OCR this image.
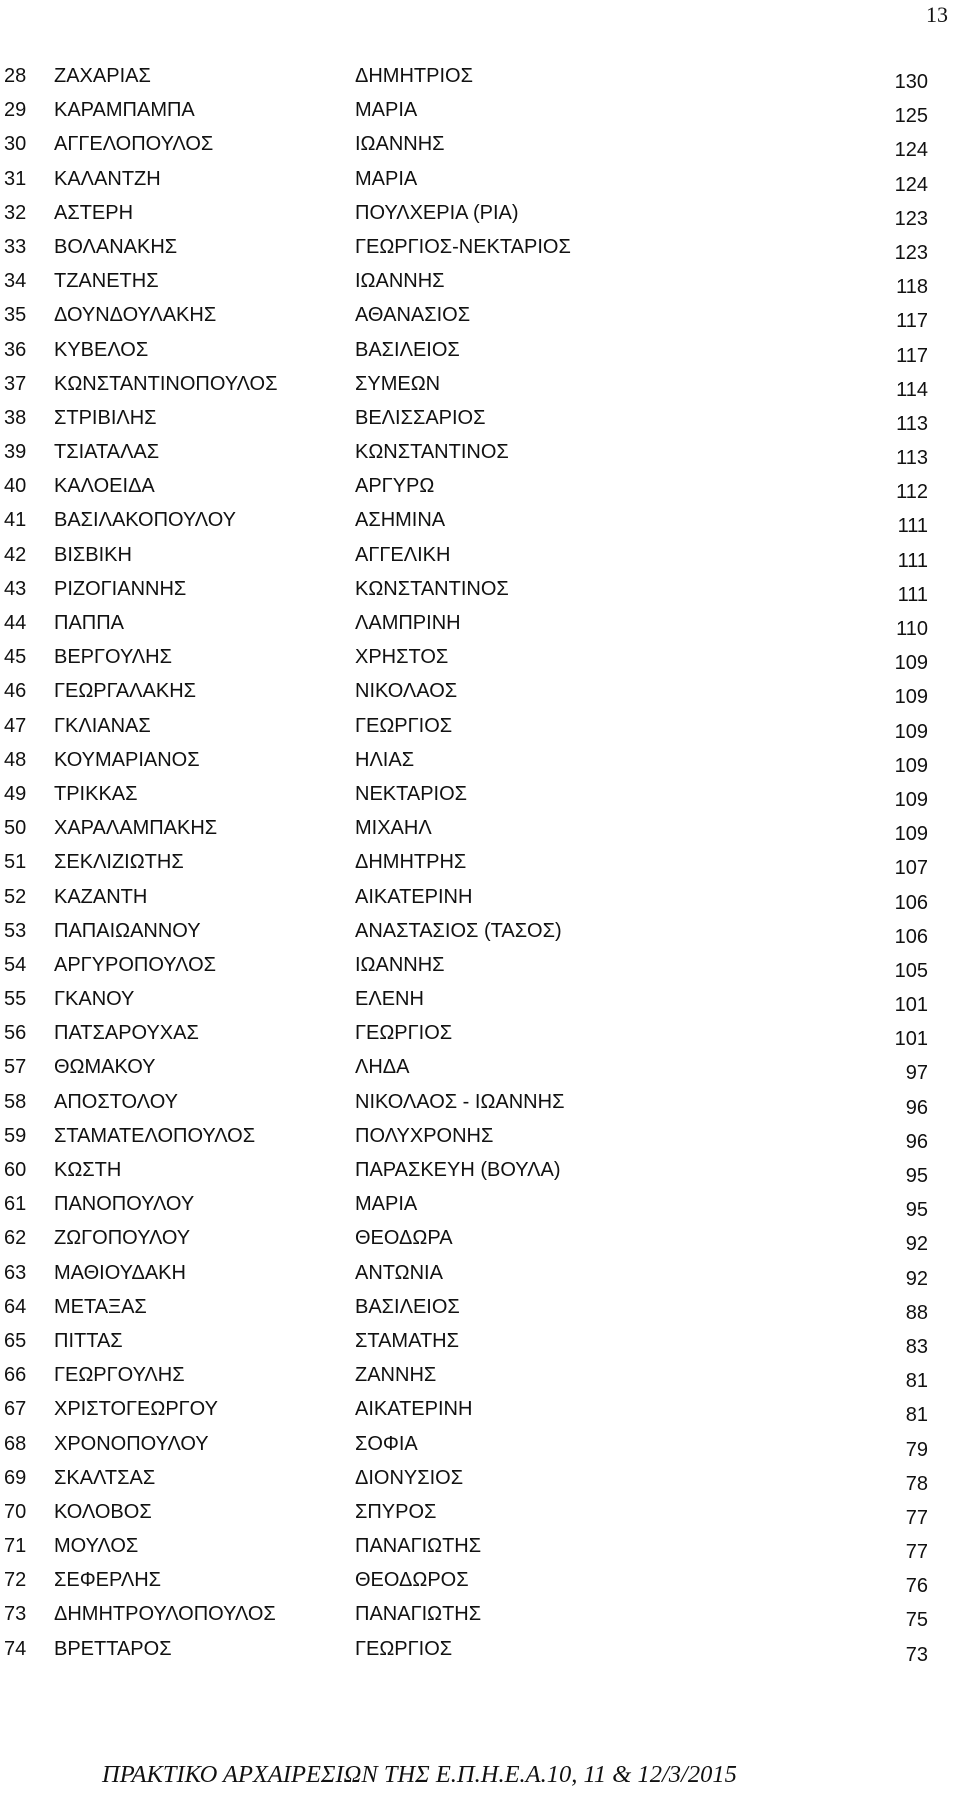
13
28 ΖΑΧΑΡΙΑΣ	ΔΗΜΗΤΡΙΟΣ	130
29 ΚΑΡΑΜΠΑΜΠΑ	ΜΑΡΙΑ	125
30 ΑΓΓΕΛΟΠΟΥΛΟΣ	ΙΩΑΝΝΗΣ	124
31 ΚΑΛΑΝΤΖΗ	ΜΑΡΙΑ	124
32 ΑΣΤΕΡΗ	ΠΟΥΛΧΕΡΙΑ (ΡΙΑ)	123
33 ΒΟΛΑΝΑΚΗΣ	ΓΕΩΡΓΙΟΣ-ΝΕΚΤΑΡΙΟΣ	123
34 ΤΖΑΝΕΤΗΣ	ΙΩΑΝΝΗΣ	118
35 ΔΟΥΝΔΟΥΛΑΚΗΣ	ΑΘΑΝΑΣΙΟΣ	117
36 ΚΥΒΕΛΟΣ	ΒΑΣΙΛΕΙΟΣ	117
37 ΚΩΝΣΤΑΝΤΙΝΟΠΟΥΛΟΣ	ΣΥΜΕΩΝ	114
38 ΣΤΡΙΒΙΛΗΣ	ΒΕΛΙΣΣΑΡΙΟΣ	113
39 ΤΣΙΑΤΑΛΑΣ	ΚΩΝΣΤΑΝΤΙΝΟΣ	113
40 ΚΑΛΟΕΙΔΑ	ΑΡΓΥΡΩ	112
41 ΒΑΣΙΛΑΚΟΠΟΥΛΟΥ	ΑΣΗΜΙΝΑ	111
42 ΒΙΣΒΙΚΗ	ΑΓΓΕΛΙΚΗ	111
43 ΡΙΖΟΓΙΑΝΝΗΣ	ΚΩΝΣΤΑΝΤΙΝΟΣ	111
44 ΠΑΠΠΑ	ΛΑΜΠΡΙΝΗ	110
45 ΒΕΡΓΟΥΛΗΣ	ΧΡΗΣΤΟΣ	109
46 ΓΕΩΡΓΑΛΑΚΗΣ	ΝΙΚΟΛΑΟΣ	109
47 ΓΚΛΙΑΝΑΣ	ΓΕΩΡΓΙΟΣ	109
48 ΚΟΥΜΑΡΙΑΝΟΣ	ΗΛΙΑΣ	109
49 ΤΡΙΚΚΑΣ	ΝΕΚΤΑΡΙΟΣ	109
50 ΧΑΡΑΛΑΜΠΑΚΗΣ	ΜΙΧΑΗΛ	109
51 ΣΕΚΛΙΖΙΩΤΗΣ	ΔΗΜΗΤΡΗΣ	107
52 ΚΑΖΑΝΤΗ	ΑΙΚΑΤΕΡΙΝΗ	106
53 ΠΑΠΑΙΩΑΝΝΟΥ	ΑΝΑΣΤΑΣΙΟΣ (ΤΑΣΟΣ)	106
54 ΑΡΓΥΡΟΠΟΥΛΟΣ	ΙΩΑΝΝΗΣ	105
55 ΓΚΑΝΟΥ	ΕΛΕΝΗ	101
56 ΠΑΤΣΑΡΟΥΧΑΣ	ΓΕΩΡΓΙΟΣ	101
57 ΘΩΜΑΚΟΥ	ΛΗΔΑ	97
58 ΑΠΟΣΤΟΛΟΥ	ΝΙΚΟΛΑΟΣ - ΙΩΑΝΝΗΣ	96
59 ΣΤΑΜΑΤΕΛΟΠΟΥΛΟΣ	ΠΟΛΥΧΡΟΝΗΣ	96
60 ΚΩΣΤΗ	ΠΑΡΑΣΚΕΥΗ (ΒΟΥΛΑ)	95
61 ΠΑΝΟΠΟΥΛΟΥ	ΜΑΡΙΑ	95
62 ΖΩΓΟΠΟΥΛΟΥ	ΘΕΟΔΩΡΑ	92
63 ΜΑΘΙΟΥΔΑΚΗ	ΑΝΤΩΝΙΑ	92
64 ΜΕΤΑΞΑΣ	ΒΑΣΙΛΕΙΟΣ	88
65 ΠΙΤΤΑΣ	ΣΤΑΜΑΤΗΣ	83
66 ΓΕΩΡΓΟΥΛΗΣ	ΖΑΝΝΗΣ	81
67 ΧΡΙΣΤΟΓΕΩΡΓΟΥ	ΑΙΚΑΤΕΡΙΝΗ	81
68 ΧΡΟΝΟΠΟΥΛΟΥ	ΣΟΦΙΑ	79
69 ΣΚΑΛΤΣΑΣ	ΔΙΟΝΥΣΙΟΣ	78
70 ΚΟΛΟΒΟΣ	ΣΠΥΡΟΣ	77
71 ΜΟΥΛΟΣ	ΠΑΝΑΓΙΩΤΗΣ	77
72 ΣΕΦΕΡΛΗΣ	ΘΕΟΔΩΡΟΣ	76
73 ΔΗΜΗΤΡΟΥΛΟΠΟΥΛΟΣ	ΠΑΝΑΓΙΩΤΗΣ	75
74 ΒΡΕΤΤΑΡΟΣ	ΓΕΩΡΓΙΟΣ	73
ΠΡΑΚΤΙΚΟ ΑΡΧΑΙΡΕΣΙΩΝ ΤΗΣ Ε.Π.Η.Ε.Α.10, 11 & 12/3/2015
